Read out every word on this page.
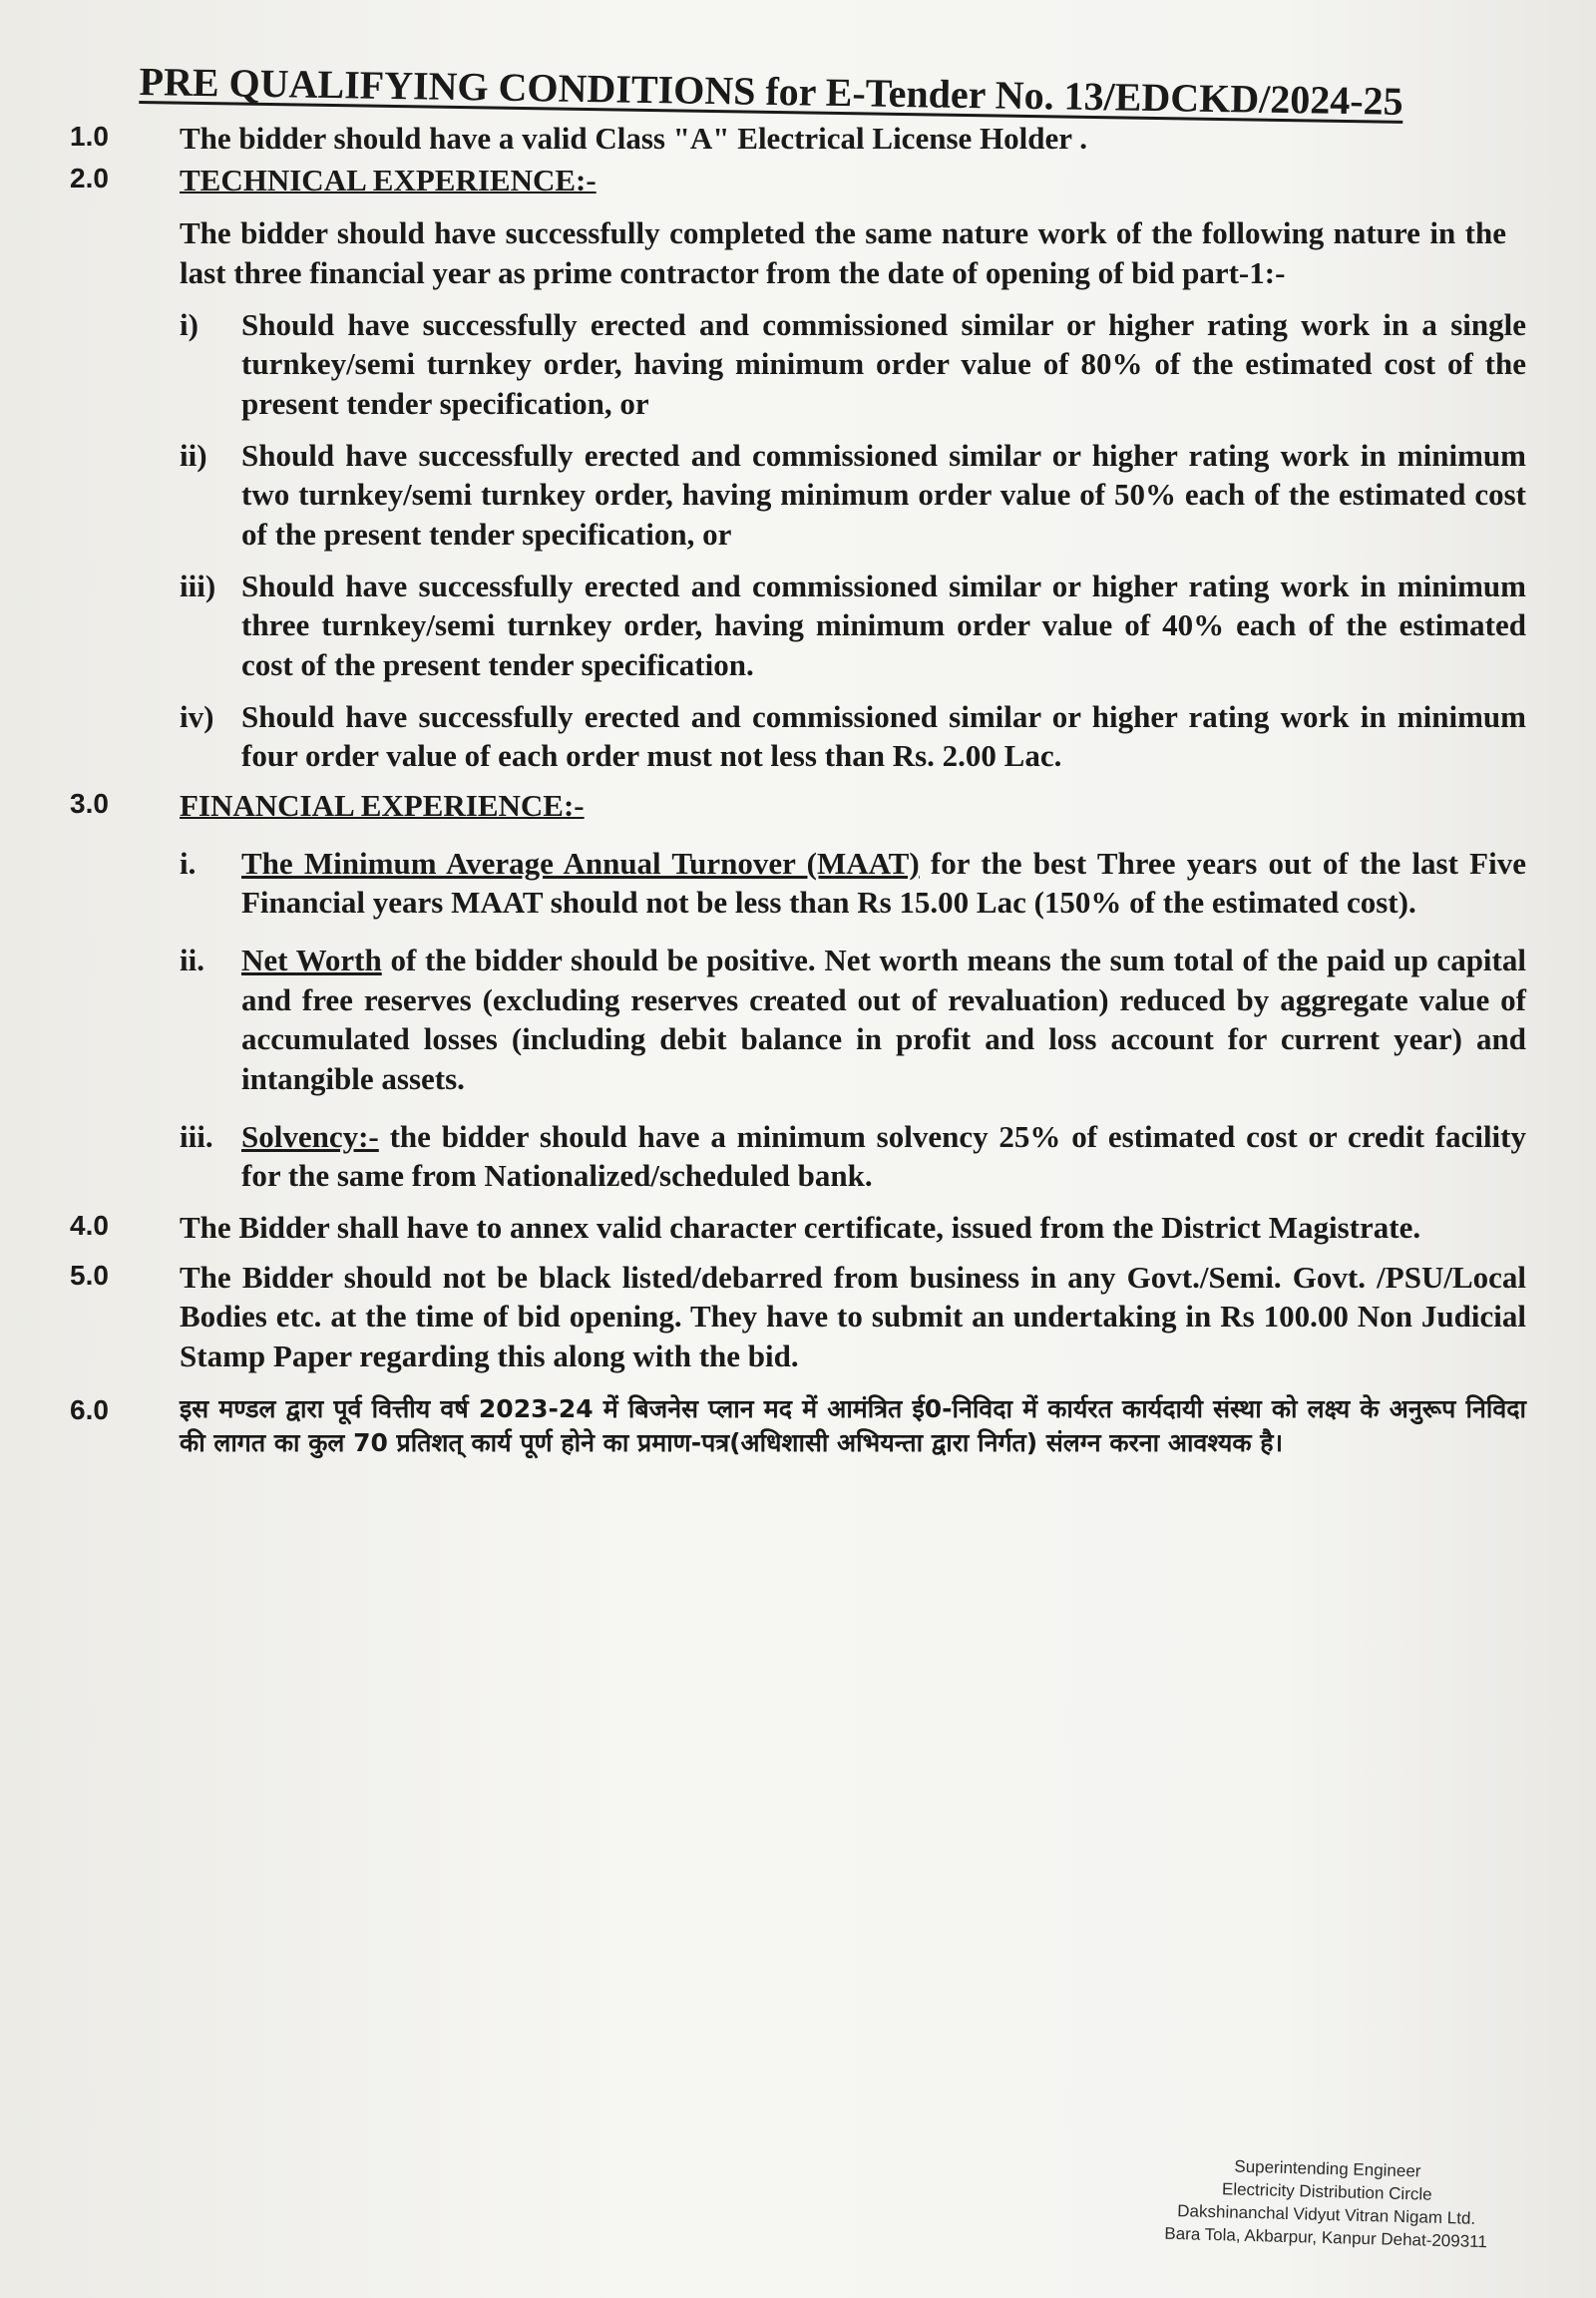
PRE QUALIFYING CONDITIONS for E-Tender No. 13/EDCKD/2024-25
1.0	The bidder should have a valid Class "A" Electrical License Holder .
2.0	TECHNICAL EXPERIENCE:-
The bidder should have successfully completed the same nature work of the following nature in the last three financial year as prime contractor from the date of opening of bid part-1:-
i)	Should have successfully erected and commissioned similar or higher rating work in a single turnkey/semi turnkey order, having minimum order value of 80% of the estimated cost of the present tender specification, or
ii)	Should have successfully erected and commissioned similar or higher rating work in minimum two turnkey/semi turnkey order, having minimum order value of 50% each of the estimated cost of the present tender specification, or
iii) Should have successfully erected and commissioned similar or higher rating work in minimum three turnkey/semi turnkey order, having minimum order value of 40% each of the estimated cost of the present tender specification.
iv) Should have successfully erected and commissioned similar or higher rating work in minimum four order value of each order must not less than Rs. 2.00 Lac.
3.0	FINANCIAL EXPERIENCE:-
i.	The Minimum Average Annual Turnover (MAAT) for the best Three years out of the last Five Financial years MAAT should not be less than Rs 15.00 Lac (150% of the estimated cost).
ii.	Net Worth of the bidder should be positive. Net worth means the sum total of the paid up capital and free reserves (excluding reserves created out of revaluation) reduced by aggregate value of accumulated losses (including debit balance in profit and loss account for current year) and intangible assets.
iii. Solvency:- the bidder should have a minimum solvency 25% of estimated cost or credit facility for the same from Nationalized/scheduled bank.
4.0	The Bidder shall have to annex valid character certificate, issued from the District Magistrate.
5.0	The Bidder should not be black listed/debarred from business in any Govt./Semi. Govt. /PSU/Local Bodies etc. at the time of bid opening. They have to submit an undertaking in Rs 100.00 Non Judicial Stamp Paper regarding this along with the bid.
6.0	इस मण्डल द्वारा पूर्व वित्तीय वर्ष 2023-24 में बिजनेस प्लान मद में आमंत्रित ई0-निविदा में कार्यरत कार्यदायी संस्था को लक्ष्य के अनुरूप निविदा की लागत का कुल 70 प्रतिशत् कार्य पूर्ण होने का प्रमाण-पत्र(अधिशासी अभियन्ता द्वारा निर्गत) संलग्न करना आवश्यक है।
Superintending Engineer
Electricity Distribution Circle
Dakshinanchal Vidyut Vitran Nigam Ltd.
Bara Tola, Akbarpur, Kanpur Dehat-209311
